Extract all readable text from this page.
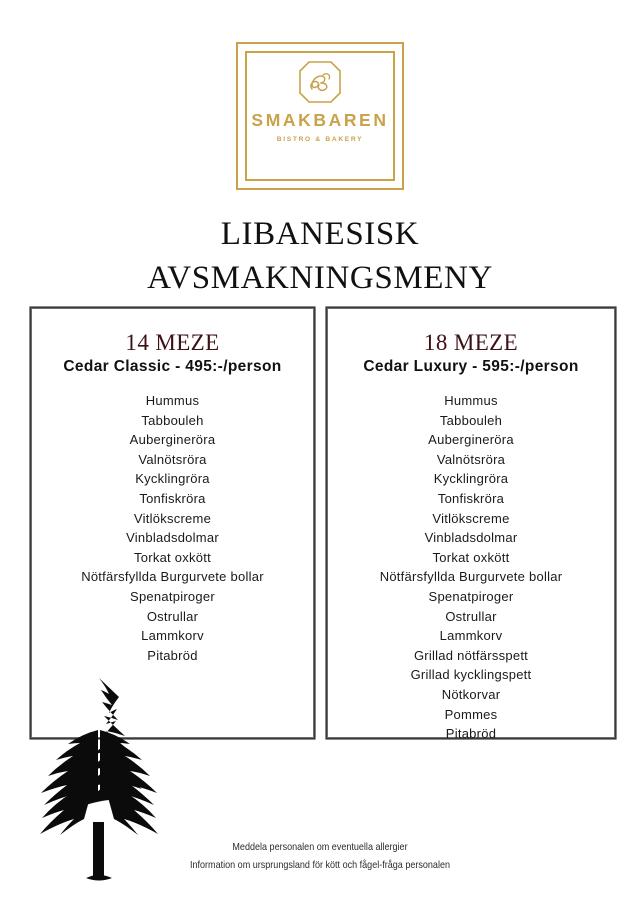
SMAKBAREN
BISTRO & BAKERY
LIBANESISK
AVSMAKNINGSMENY
14 MEZE
Cedar Classic - 495:-/person
Hummus
Tabbouleh
Aubergineröra
Valnötsröra
Kycklingröra
Tonfiskröra
Vitlökscreme
Vinbladsdolmar
Torkat oxkött
Nötfärsfyllda Burgurvete bollar
Spenatpiroger
Ostrullar
Lammkorv
Pitabröd
18 MEZE
Cedar Luxury - 595:-/person
Hummus
Tabbouleh
Aubergineröra
Valnötsröra
Kycklingröra
Tonfiskröra
Vitlökscreme
Vinbladsdolmar
Torkat oxkött
Nötfärsfyllda Burgurvete bollar
Spenatpiroger
Ostrullar
Lammkorv
Grillad nötfärsspett
Grillad kycklingspett
Nötkorvar
Pommes
Pitabröd
Meddela personalen om eventuella allergier
Information om ursprungsland för kött och fågel-fråga personalen
